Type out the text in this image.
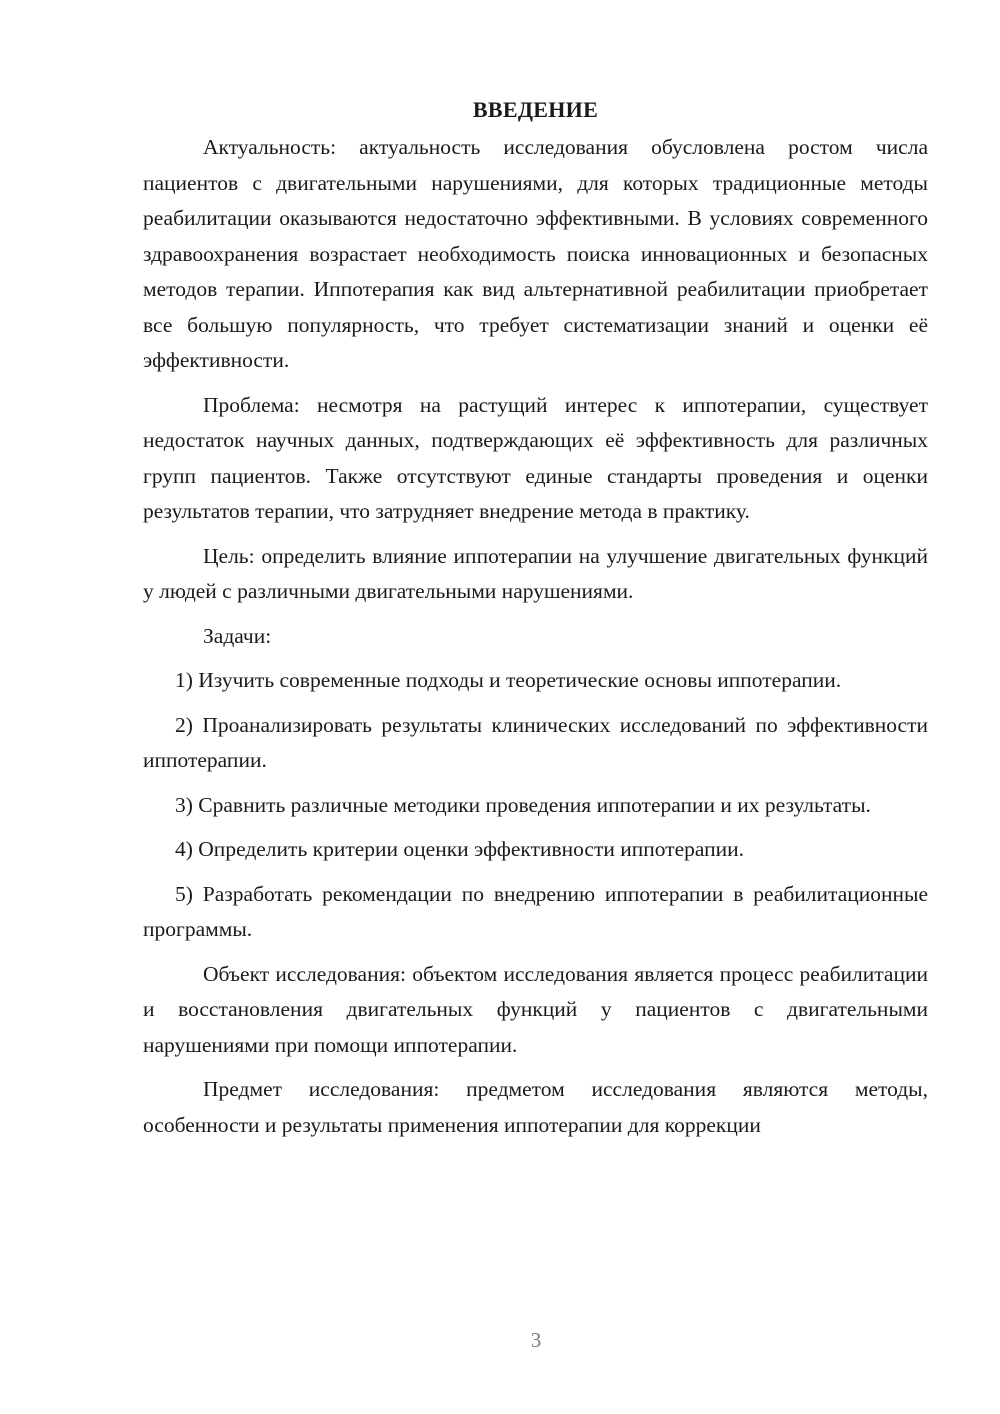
ВВЕДЕНИЕ

Актуальность: актуальность исследования обусловлена ростом числа пациентов с двигательными нарушениями, для которых традиционные методы реабилитации оказываются недостаточно эффективными. В условиях современного здравоохранения возрастает необходимость поиска инновационных и безопасных методов терапии. Иппотерапия как вид альтернативной реабилитации приобретает все большую популярность, что требует систематизации знаний и оценки её эффективности.

Проблема: несмотря на растущий интерес к иппотерапии, существует недостаток научных данных, подтверждающих её эффективность для различных групп пациентов. Также отсутствуют единые стандарты проведения и оценки результатов терапии, что затрудняет внедрение метода в практику.

Цель: определить влияние иппотерапии на улучшение двигательных функций у людей с различными двигательными нарушениями.

Задачи:

1) Изучить современные подходы и теоретические основы иппотерапии.

2) Проанализировать результаты клинических исследований по эффективности иппотерапии.

3) Сравнить различные методики проведения иппотерапии и их результаты.

4) Определить критерии оценки эффективности иппотерапии.

5) Разработать рекомендации по внедрению иппотерапии в реабилитационные программы.

Объект исследования: объектом исследования является процесс реабилитации и восстановления двигательных функций у пациентов с двигательными нарушениями при помощи иппотерапии.

Предмет исследования: предметом исследования являются методы, особенности и результаты применения иппотерапии для коррекции

3
